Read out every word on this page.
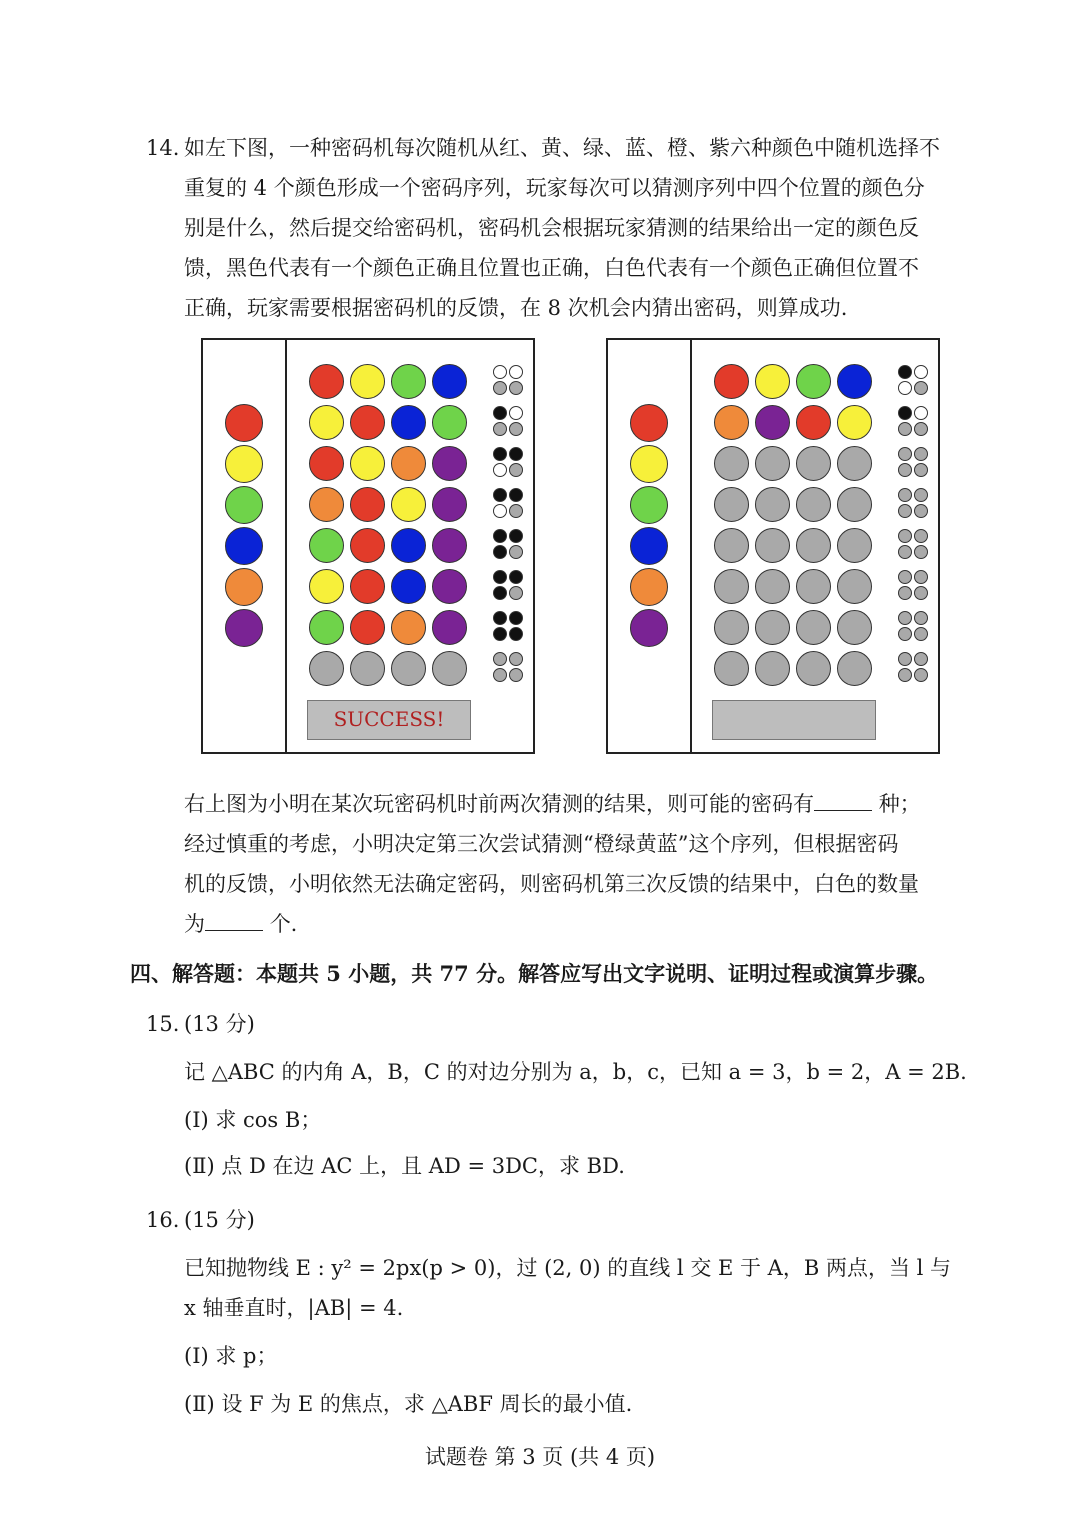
14. 如左下图，一种密码机每次随机从红、黄、绿、蓝、橙、紫六种颜色中随机选择不
重复的 4 个颜色形成一个密码序列，玩家每次可以猜测序列中四个位置的颜色分
别是什么，然后提交给密码机，密码机会根据玩家猜测的结果给出一定的颜色反
馈，黑色代表有一个颜色正确且位置也正确，白色代表有一个颜色正确但位置不
正确，玩家需要根据密码机的反馈，在 8 次机会内猜出密码，则算成功.
SUCCESS!
右上图为小明在某次玩密码机时前两次猜测的结果，则可能的密码有	种；
经过慎重的考虑，小明决定第三次尝试猜测“橙绿黄蓝”这个序列，但根据密码
机的反馈，小明依然无法确定密码，则密码机第三次反馈的结果中，白色的数量
为	个.
四、解答题：本题共 5 小题，共 77 分。解答应写出文字说明、证明过程或演算步骤。
15. (13 分)
记 △ABC 的内角 A，B，C 的对边分别为 a，b，c，已知 a = 3，b = 2，A = 2B.
(Ⅰ) 求 cos B；
(Ⅱ) 点 D 在边 AC 上，且 AD = 3DC，求 BD.
16. (15 分)
已知抛物线 E : y² = 2px(p > 0)，过 (2, 0) 的直线 l 交 E 于 A，B 两点，当 l 与
x 轴垂直时，|AB| = 4.
(Ⅰ) 求 p；
(Ⅱ) 设 F 为 E 的焦点，求 △ABF 周长的最小值.
试题卷 第 3 页 (共 4 页)
